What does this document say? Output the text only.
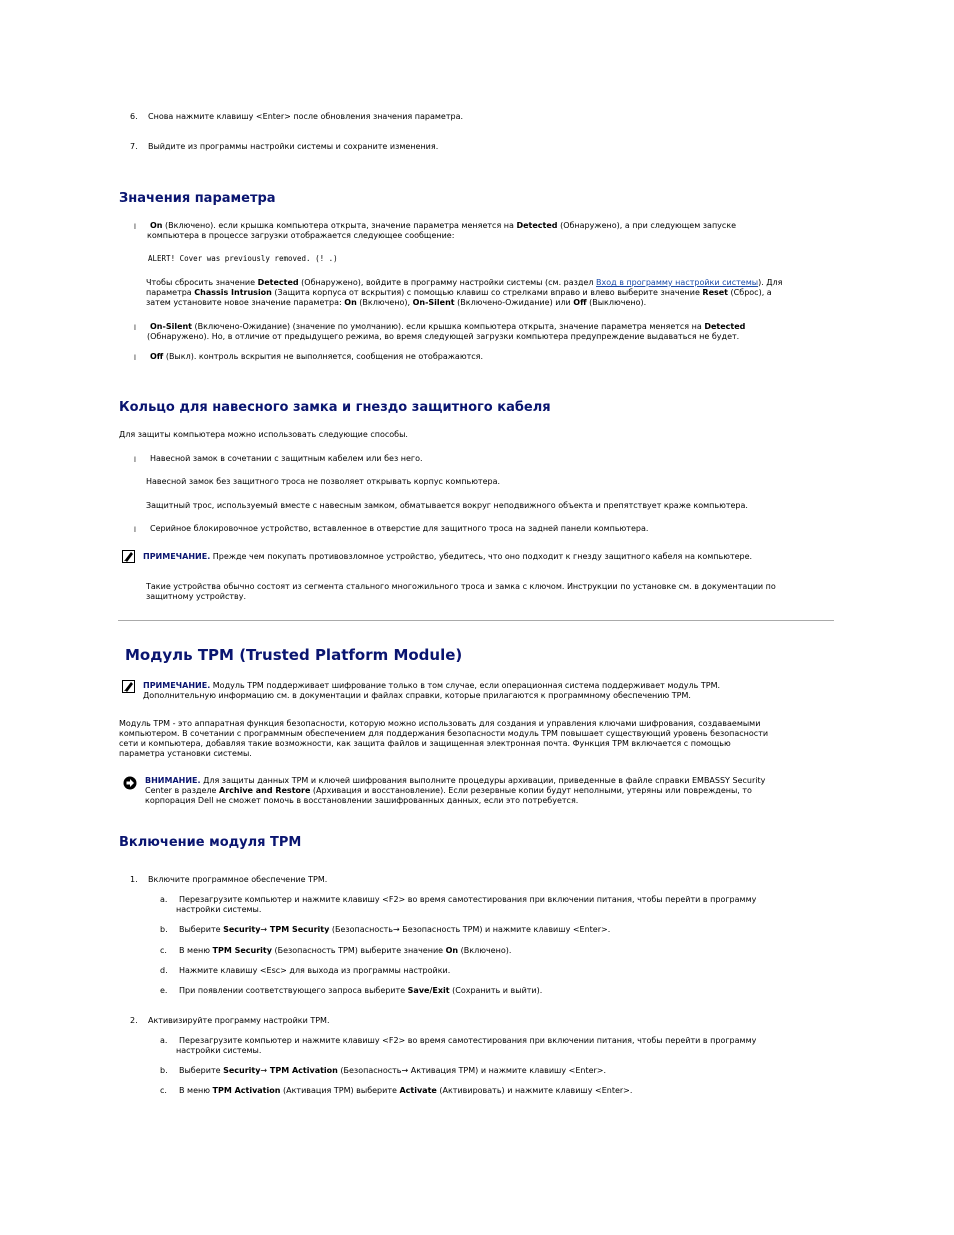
6. Снова нажмите клавишу <Enter> после обновления значения параметра.
7. Выйдите из программы настройки системы и сохраните изменения.
Значения параметра
l On (Включено). если крышка компьютера открыта, значение параметра меняется на Detected (Обнаружено), а при следующем запуске
компьютера в процессе загрузки отображается следующее сообщение:
ALERT! Cover was previously removed. (! .)
Чтобы сбросить значение Detected (Обнаружено), войдите в программу настройки системы (см. раздел Вход в программу настройки системы). Для
параметра Chassis Intrusion (Защита корпуса от вскрытия) с помощью клавиш со стрелками вправо и влево выберите значение Reset (Сброс), а
затем установите новое значение параметра: On (Включено), On-Silent (Включено-Ожидание) или Off (Выключено).
l On-Silent (Включено-Ожидание) (значение по умолчанию). если крышка компьютера открыта, значение параметра меняется на Detected
(Обнаружено). Но, в отличие от предыдущего режима, во время следующей загрузки компьютера предупреждение выдаваться не будет.
l Off (Выкл). контроль вскрытия не выполняется, сообщения не отображаются.
Кольцо для навесного замка и гнездо защитного кабеля
Для защиты компьютера можно использовать следующие способы.
l Навесной замок в сочетании с защитным кабелем или без него.
Навесной замок без защитного троса не позволяет открывать корпус компьютера.
Защитный трос, используемый вместе с навесным замком, обматывается вокруг неподвижного объекта и препятствует краже компьютера.
l Серийное блокировочное устройство, вставленное в отверстие для защитного троса на задней панели компьютера.
ПРИМЕЧАНИЕ. Прежде чем покупать противовзломное устройство, убедитесь, что оно подходит к гнезду защитного кабеля на компьютере.
Такие устройства обычно состоят из сегмента стального многожильного троса и замка с ключом. Инструкции по установке см. в документации по
защитному устройству.
Модуль TPM (Trusted Platform Module)
ПРИМЕЧАНИЕ. Модуль TPM поддерживает шифрование только в том случае, если операционная система поддерживает модуль TPM.
Дополнительную информацию см. в документации и файлах справки, которые прилагаются к программному обеспечению TPM.
Модуль TPM - это аппаратная функция безопасности, которую можно использовать для создания и управления ключами шифрования, создаваемыми
компьютером. В сочетании с программным обеспечением для поддержания безопасности модуль TPM повышает существующий уровень безопасности
сети и компьютера, добавляя такие возможности, как защита файлов и защищенная электронная почта. Функция TPM включается с помощью
параметра установки системы.
ВНИМАНИЕ. Для защиты данных TPM и ключей шифрования выполните процедуры архивации, приведенные в файле справки EMBASSY Security
Center в разделе Archive and Restore (Архивация и восстановление). Если резервные копии будут неполными, утеряны или повреждены, то
корпорация Dell не сможет помочь в восстановлении зашифрованных данных, если это потребуется.
Включение модуля TPM
1. Включите программное обеспечение TPM.
a. Перезагрузите компьютер и нажмите клавишу <F2> во время самотестирования при включении питания, чтобы перейти в программу
настройки системы.
b. Выберите Security→ TPM Security (Безопасность→ Безопасность TPM) и нажмите клавишу <Enter>.
c. В меню TPM Security (Безопасность TPM) выберите значение On (Включено).
d. Нажмите клавишу <Esc> для выхода из программы настройки.
e. При появлении соответствующего запроса выберите Save/Exit (Сохранить и выйти).
2. Активизируйте программу настройки TPM.
a. Перезагрузите компьютер и нажмите клавишу <F2> во время самотестирования при включении питания, чтобы перейти в программу
настройки системы.
b. Выберите Security→ TPM Activation (Безопасность→ Активация TPM) и нажмите клавишу <Enter>.
c. В меню TPM Activation (Активация TPM) выберите Activate (Активировать) и нажмите клавишу <Enter>.
